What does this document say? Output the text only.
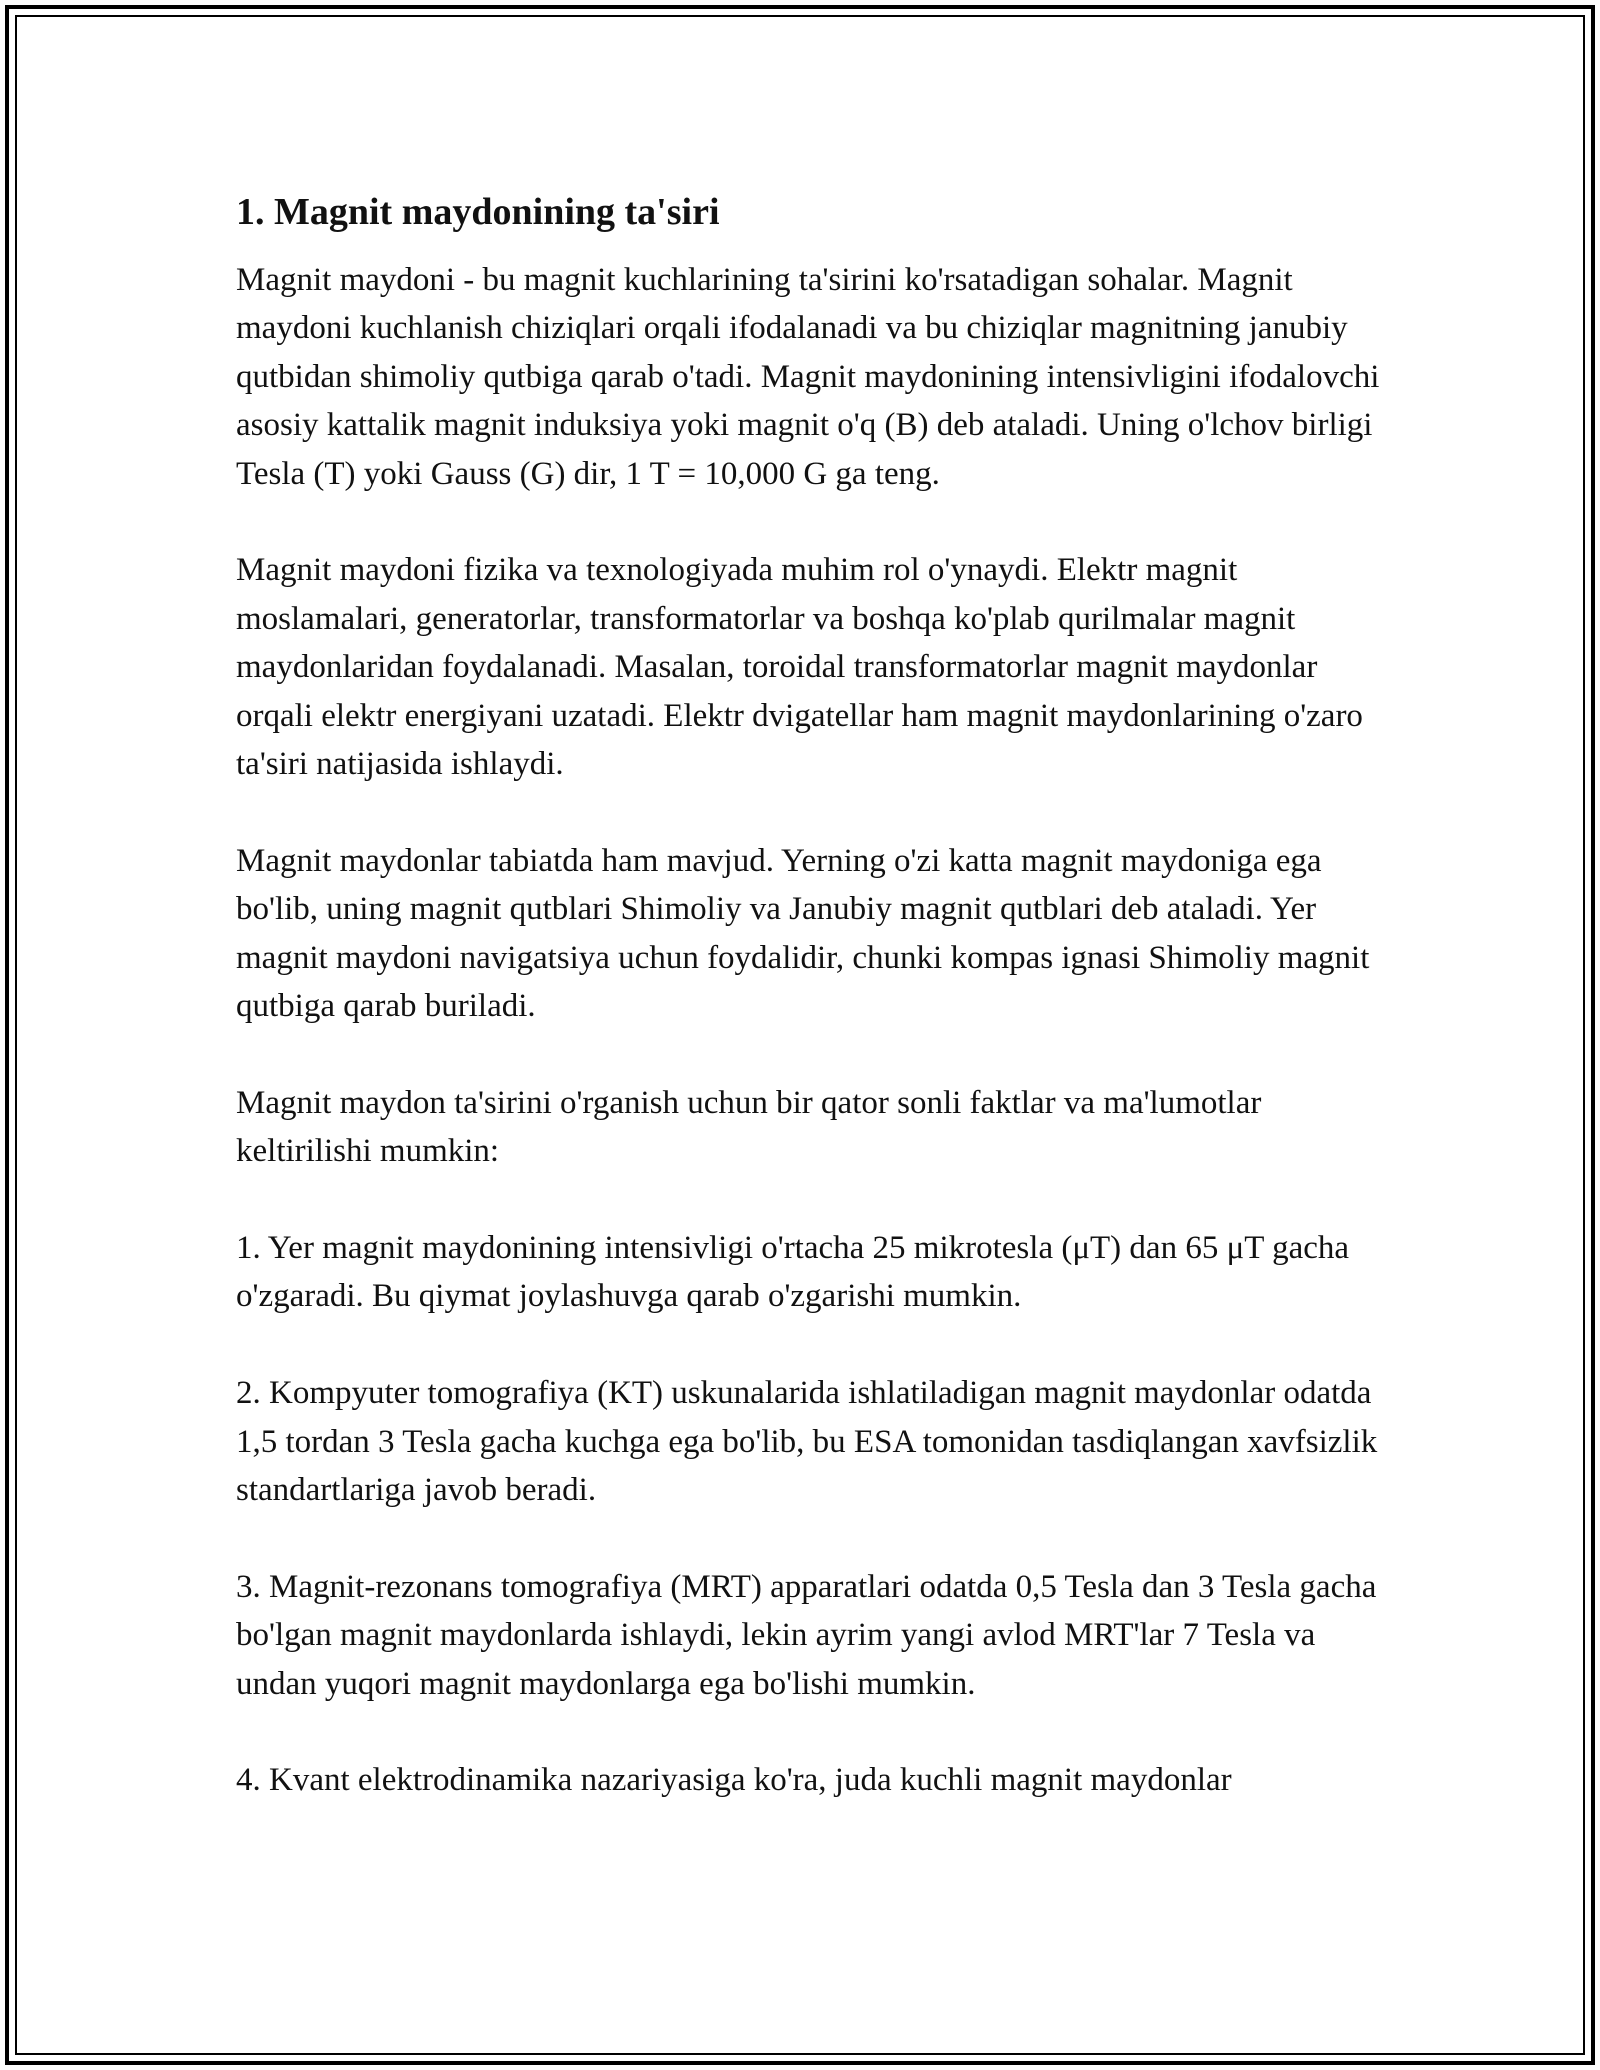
1. Magnit maydonining ta'siri

Magnit maydoni - bu magnit kuchlarining ta'sirini ko'rsatadigan sohalar. Magnit maydoni kuchlanish chiziqlari orqali ifodalanadi va bu chiziqlar magnitning janubiy qutbidan shimoliy qutbiga qarab o'tadi. Magnit maydonining intensivligini ifodalovchi asosiy kattalik magnit induksiya yoki magnit o'q (B) deb ataladi. Uning o'lchov birligi Tesla (T) yoki Gauss (G) dir, 1 T = 10,000 G ga teng.

Magnit maydoni fizika va texnologiyada muhim rol o'ynaydi. Elektr magnit moslamalari, generatorlar, transformatorlar va boshqa ko'plab qurilmalar magnit maydonlaridan foydalanadi. Masalan, toroidal transformatorlar magnit maydonlar orqali elektr energiyani uzatadi. Elektr dvigatellar ham magnit maydonlarining o'zaro ta'siri natijasida ishlaydi.

Magnit maydonlar tabiatda ham mavjud. Yerning o'zi katta magnit maydoniga ega bo'lib, uning magnit qutblari Shimoliy va Janubiy magnit qutblari deb ataladi. Yer magnit maydoni navigatsiya uchun foydalidir, chunki kompas ignasi Shimoliy magnit qutbiga qarab buriladi.

Magnit maydon ta'sirini o'rganish uchun bir qator sonli faktlar va ma'lumotlar keltirilishi mumkin:

1. Yer magnit maydonining intensivligi o'rtacha 25 mikrotesla (μT) dan 65 μT gacha o'zgaradi. Bu qiymat joylashuvga qarab o'zgarishi mumkin.

2. Kompyuter tomografiya (KT) uskunalarida ishlatiladigan magnit maydonlar odatda 1,5 tordan 3 Tesla gacha kuchga ega bo'lib, bu ESA tomonidan tasdiqlangan xavfsizlik standartlariga javob beradi.

3. Magnit-rezonans tomografiya (MRT) apparatlari odatda 0,5 Tesla dan 3 Tesla gacha bo'lgan magnit maydonlarda ishlaydi, lekin ayrim yangi avlod MRT'lar 7 Tesla va undan yuqori magnit maydonlarga ega bo'lishi mumkin.

4. Kvant elektrodinamika nazariyasiga ko'ra, juda kuchli magnit maydonlar
